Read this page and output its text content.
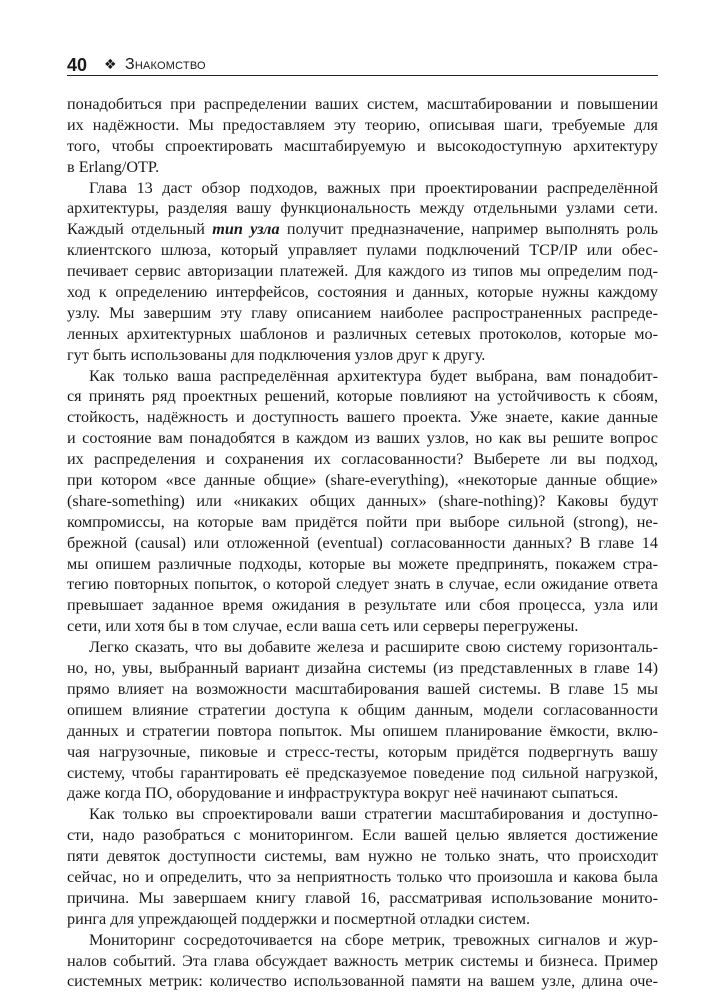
40 ❖ Знакомство
понадобиться при распределении ваших систем, масштабировании и повышении
их надёжности. Мы предоставляем эту теорию, описывая шаги, требуемые для
того, чтобы спроектировать масштабируемую и высокодоступную архитектуру
в Erlang/OTP.
Глава 13 даст обзор подходов, важных при проектировании распределённой
архитектуры, разделяя вашу функциональность между отдельными узлами сети.
Каждый отдельный тип узла получит предназначение, например выполнять роль
клиентского шлюза, который управляет пулами подключений TCP/IP или обес-
печивает сервис авторизации платежей. Для каждого из типов мы определим под-
ход к определению интерфейсов, состояния и данных, которые нужны каждому
узлу. Мы завершим эту главу описанием наиболее распространенных распреде-
ленных архитектурных шаблонов и различных сетевых протоколов, которые мо-
гут быть использованы для подключения узлов друг к другу.
Как только ваша распределённая архитектура будет выбрана, вам понадобит-
ся принять ряд проектных решений, которые повлияют на устойчивость к сбоям,
стойкость, надёжность и доступность вашего проекта. Уже знаете, какие данные
и состояние вам понадобятся в каждом из ваших узлов, но как вы решите вопрос
их распределения и сохранения их согласованности? Выберете ли вы подход,
при котором «все данные общие» (share-everything), «некоторые данные общие»
(share-something) или «никаких общих данных» (share-nothing)? Каковы будут
компромиссы, на которые вам придётся пойти при выборе сильной (strong), не-
брежной (causal) или отложенной (eventual) согласованности данных? В главе 14
мы опишем различные подходы, которые вы можете предпринять, покажем стра-
тегию повторных попыток, о которой следует знать в случае, если ожидание ответа
превышает заданное время ожидания в результате или сбоя процесса, узла или
сети, или хотя бы в том случае, если ваша сеть или серверы перегружены.
Легко сказать, что вы добавите железа и расширите свою систему горизонталь-
но, но, увы, выбранный вариант дизайна системы (из представленных в главе 14)
прямо влияет на возможности масштабирования вашей системы. В главе 15 мы
опишем влияние стратегии доступа к общим данным, модели согласованности
данных и стратегии повтора попыток. Мы опишем планирование ёмкости, вклю-
чая нагрузочные, пиковые и стресс-тесты, которым придётся подвергнуть вашу
систему, чтобы гарантировать её предсказуемое поведение под сильной нагрузкой,
даже когда ПО, оборудование и инфраструктура вокруг неё начинают сыпаться.
Как только вы спроектировали ваши стратегии масштабирования и доступно-
сти, надо разобраться с мониторингом. Если вашей целью является достижение
пяти девяток доступности системы, вам нужно не только знать, что происходит
сейчас, но и определить, что за неприятность только что произошла и какова была
причина. Мы завершаем книгу главой 16, рассматривая использование монито-
ринга для упреждающей поддержки и посмертной отладки систем.
Мониторинг сосредоточивается на сборе метрик, тревожных сигналов и жур-
налов событий. Эта глава обсуждает важность метрик системы и бизнеса. Пример
системных метрик: количество использованной памяти на вашем узле, длина оче-
